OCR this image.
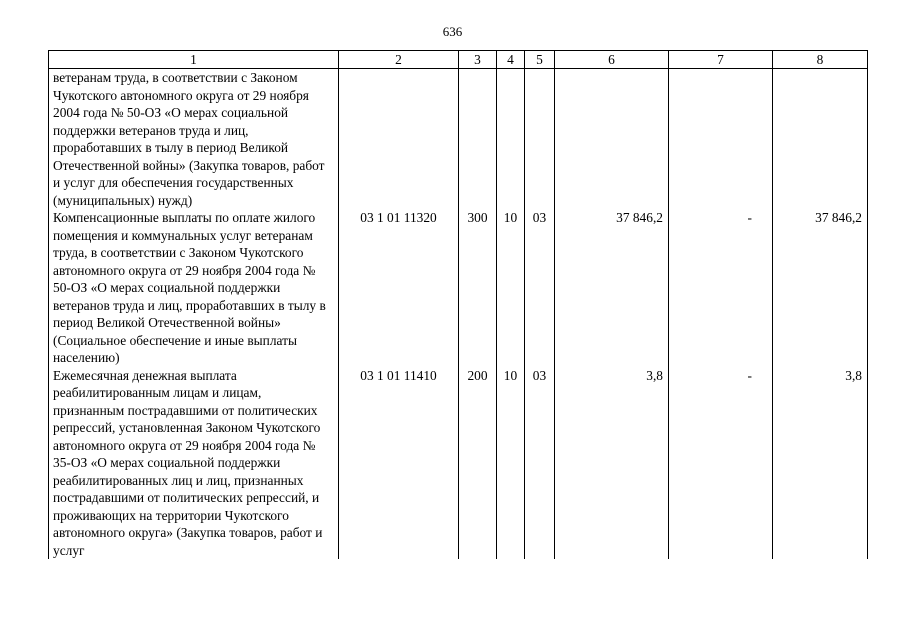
636
1	2	3	4	5	6	7	8
ветеранам труда, в соответствии с Законом Чукотского автономного округа от 29 ноября 2004 года № 50-ОЗ «О мерах социальной поддержки ветеранов труда и лиц, проработавших в тылу в период Великой Отечественной войны» (Закупка товаров, работ и услуг для обеспечения государственных (муниципальных) нужд)							
Компенсационные выплаты по оплате жилого помещения и коммунальных услуг ветеранам труда, в соответствии с Законом Чукотского автономного округа от 29 ноября 2004 года № 50-ОЗ «О мерах социальной поддержки ветеранов труда и лиц, проработавших в тылу в период Великой Отечественной войны» (Социальное обеспечение и иные выплаты населению)	03 1 01 11320	300	10	03	37 846,2	-	37 846,2
Ежемесячная денежная выплата реабилитированным лицам и лицам, признанным пострадавшими от политических репрессий, установленная Законом Чукотского автономного округа от 29 ноября 2004 года № 35-ОЗ «О мерах социальной поддержки реабилитированных лиц и лиц, признанных пострадавшими от политических репрессий, и проживающих на территории Чукотского автономного округа» (Закупка товаров, работ и услуг	03 1 01 11410	200	10	03	3,8	-	3,8
